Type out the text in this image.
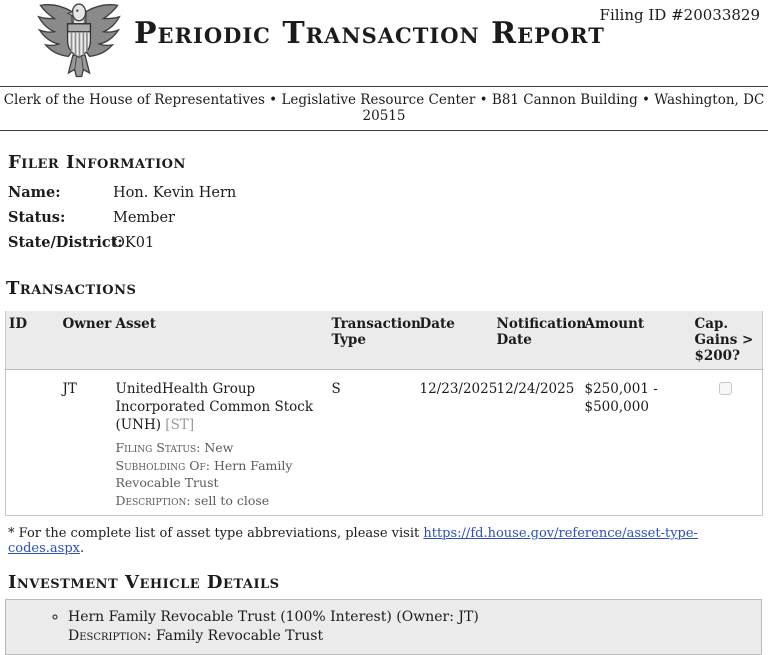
Periodic Transaction Report
Filing ID #20033829
Clerk of the House of Representatives • Legislative Resource Center • B81 Cannon Building • Washington, DC 20515
Filer Information
Name:	Hon. Kevin Hern
Status:	Member
State/District:OK01
Transactions
ID	Owner	Asset	Transaction Type	Date	Notification Date	Amount	Cap. Gains > $200?
	JT	UnitedHealth Group Incorporated Common Stock (UNH) [ST]
Filing Status: New
Subholding Of: Hern Family Revocable Trust
Description: sell to close	S	12/23/2025	12/24/2025	$250,001 - $500,000	
* For the complete list of asset type abbreviations, please visit https://fd.house.gov/reference/asset-type-codes.aspx.
Investment Vehicle Details
◦ Hern Family Revocable Trust (100% Interest) (Owner: JT)
Description: Family Revocable Trust
